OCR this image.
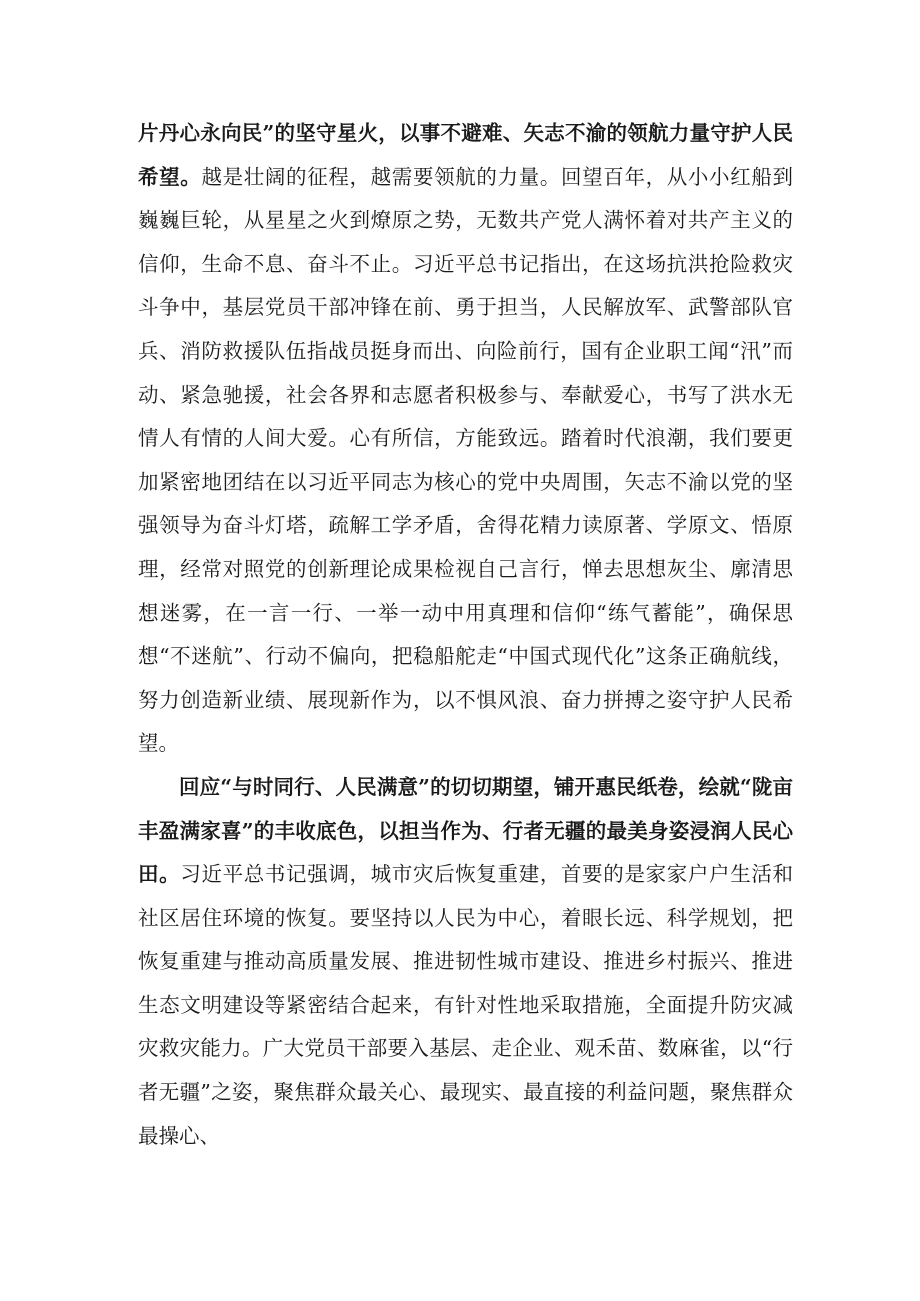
片丹心永向民”的坚守星火，以事不避难、矢志不渝的领航力量守护人民希望。越是壮阔的征程，越需要领航的力量。回望百年，从小小红船到巍巍巨轮，从星星之火到燎原之势，无数共产党人满怀着对共产主义的信仰，生命不息、奋斗不止。习近平总书记指出，在这场抗洪抢险救灾斗争中，基层党员干部冲锋在前、勇于担当，人民解放军、武警部队官兵、消防救援队伍指战员挺身而出、向险前行，国有企业职工闻“汛”而动、紧急驰援，社会各界和志愿者积极参与、奉献爱心，书写了洪水无情人有情的人间大爱。心有所信，方能致远。踏着时代浪潮，我们要更加紧密地团结在以习近平同志为核心的党中央周围，矢志不渝以党的坚强领导为奋斗灯塔，疏解工学矛盾，舍得花精力读原著、学原文、悟原理，经常对照党的创新理论成果检视自己言行，惮去思想灰尘、廓清思想迷雾，在一言一行、一举一动中用真理和信仰“练气蓄能”，确保思想“不迷航”、行动不偏向，把稳船舵走“中国式现代化”这条正确航线，努力创造新业绩、展现新作为，以不惧风浪、奋力拼搏之姿守护人民希望。

回应“与时同行、人民满意”的切切期望，铺开惠民纸卷，绘就“陇亩丰盈满家喜”的丰收底色，以担当作为、行者无疆的最美身姿浸润人民心田。习近平总书记强调，城市灾后恢复重建，首要的是家家户户生活和社区居住环境的恢复。要坚持以人民为中心，着眼长远、科学规划，把恢复重建与推动高质量发展、推进韧性城市建设、推进乡村振兴、推进生态文明建设等紧密结合起来，有针对性地采取措施，全面提升防灾减灾救灾能力。广大党员干部要入基层、走企业、观禾苗、数麻雀，以“行者无疆”之姿，聚焦群众最关心、最现实、最直接的利益问题，聚焦群众最操心、
